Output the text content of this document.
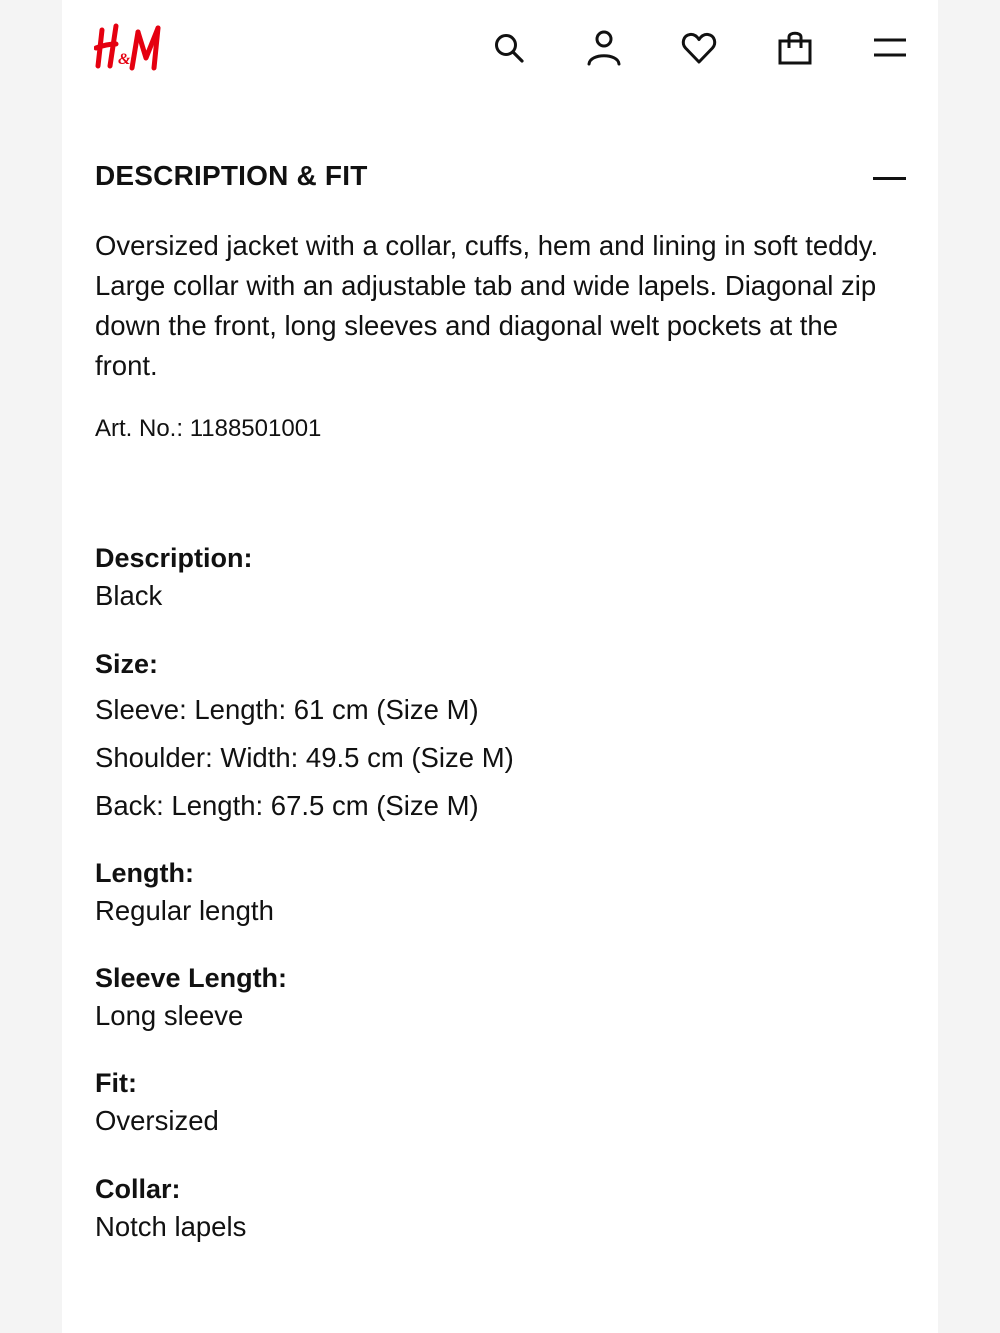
&
DESCRIPTION & FIT

Oversized jacket with a collar, cuffs, hem and lining in soft teddy. Large collar with an adjustable tab and wide lapels. Diagonal zip down the front, long sleeves and diagonal welt pockets at the front.

Art. No.: 1188501001
Description:
Black
Size:
Sleeve: Length: 61 cm (Size M)
Shoulder: Width: 49.5 cm (Size M)
Back: Length: 67.5 cm (Size M)
Length:
Regular length
Sleeve Length:
Long sleeve
Fit:
Oversized
Collar:
Notch lapels
